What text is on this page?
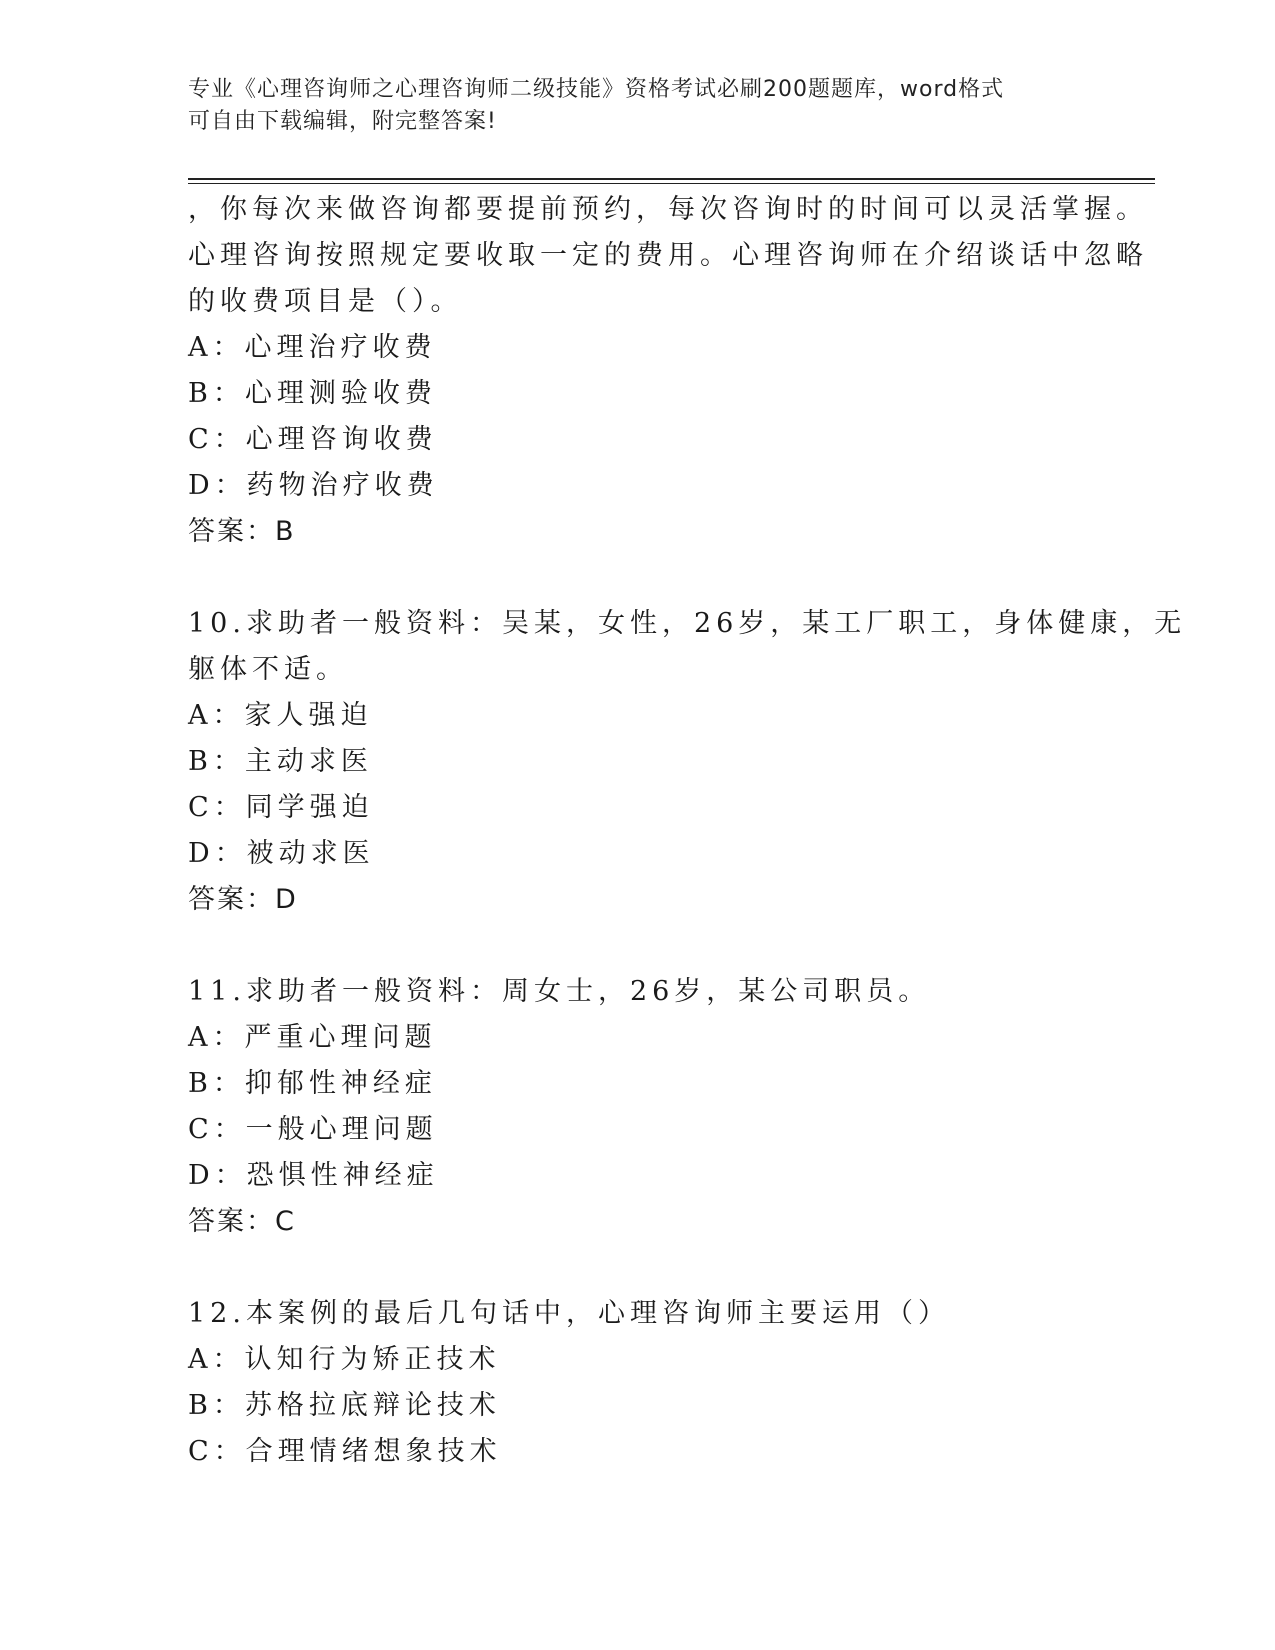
专业《心理咨询师之心理咨询师二级技能》资格考试必刷200题题库，word格式
可自由下载编辑，附完整答案!
，你每次来做咨询都要提前预约，每次咨询时的时间可以灵活掌握。
心理咨询按照规定要收取一定的费用。心理咨询师在介绍谈话中忽略
的收费项目是（）。
A：心理治疗收费
B：心理测验收费
C：心理咨询收费
D：药物治疗收费
答案：B
10.求助者一般资料：吴某，女性，26岁，某工厂职工，身体健康，无
躯体不适。
A：家人强迫
B：主动求医
C：同学强迫
D：被动求医
答案：D
11.求助者一般资料：周女士，26岁，某公司职员。
A：严重心理问题
B：抑郁性神经症
C：一般心理问题
D：恐惧性神经症
答案：C
12.本案例的最后几句话中，心理咨询师主要运用（）
A：认知行为矫正技术
B：苏格拉底辩论技术
C：合理情绪想象技术
